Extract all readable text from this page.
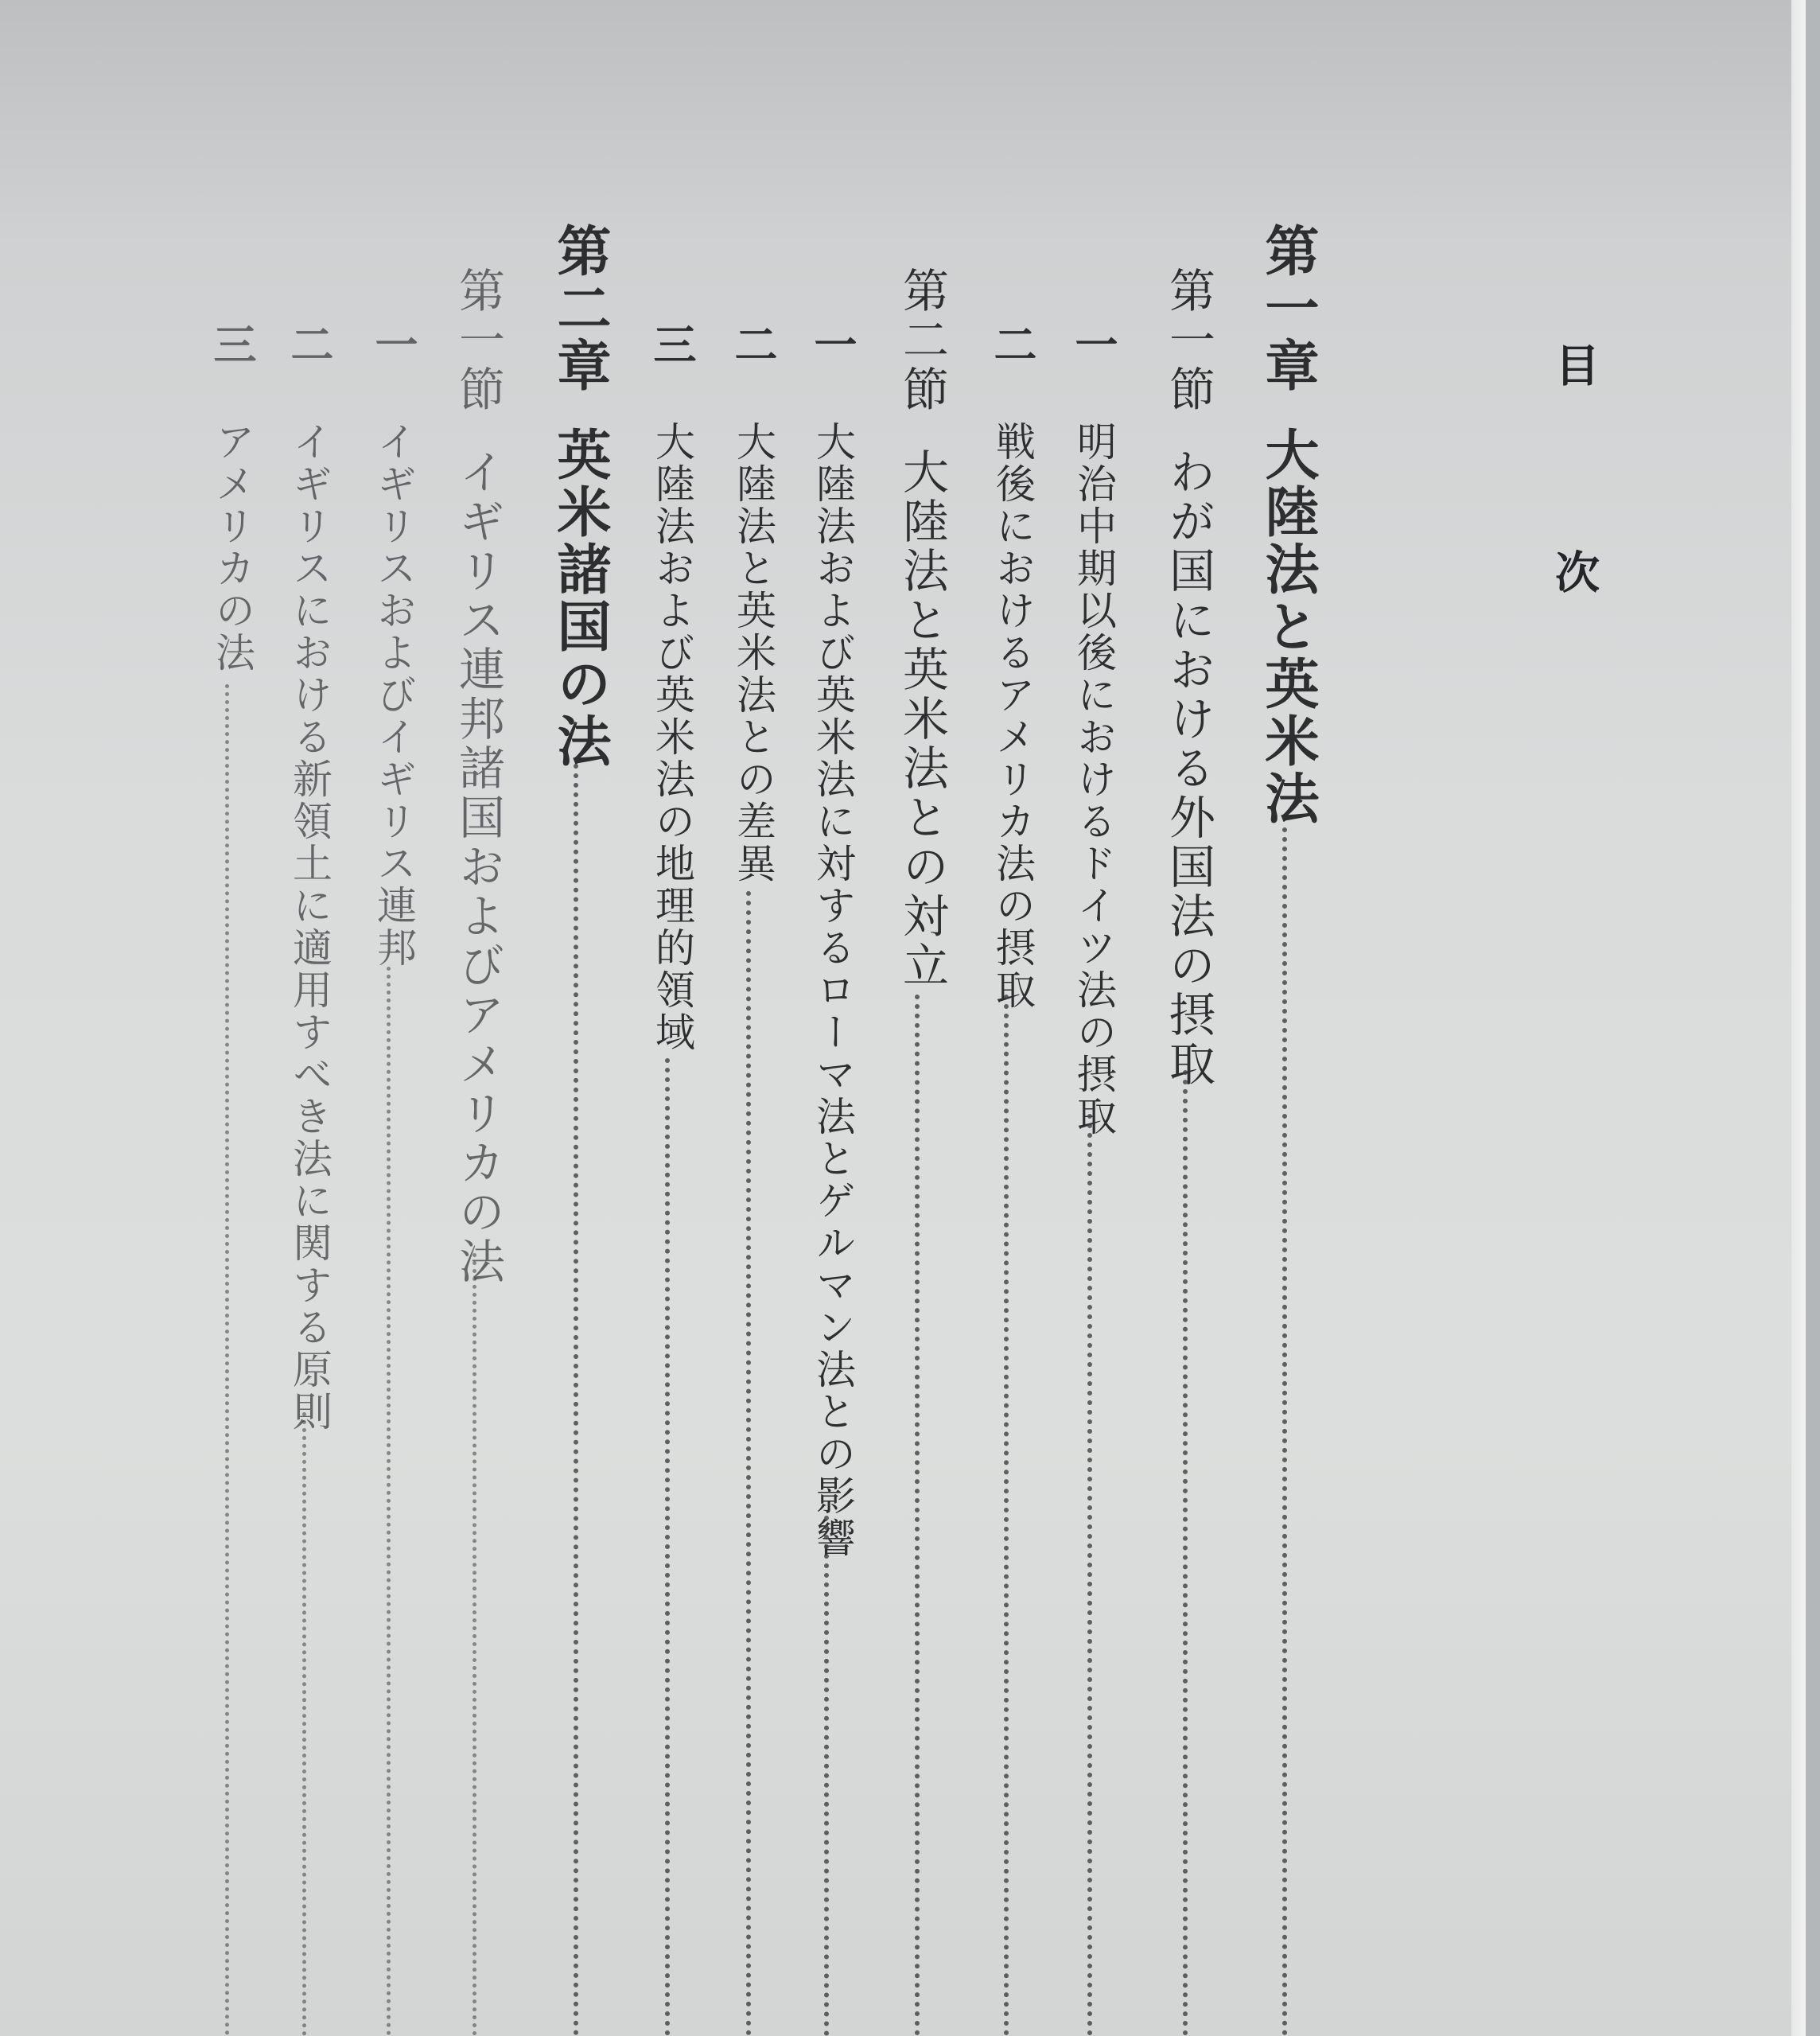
目
次
第一章大陸法と英米法
第一節わが国における外国法の摂取
一明治中期以後におけるドイツ法の摂取
二戦後におけるアメリカ法の摂取
第二節大陸法と英米法との対立
一大陸法および英米法に対するローマ法とゲルマン法との影響
二大陸法と英米法との差異
三大陸法および英米法の地理的領域
第二章英米諸国の法
第一節イギリス連邦諸国およびアメリカの法
一イギリスおよびイギリス連邦
二イギリスにおける新領土に適用すべき法に関する原則
三アメリカの法
